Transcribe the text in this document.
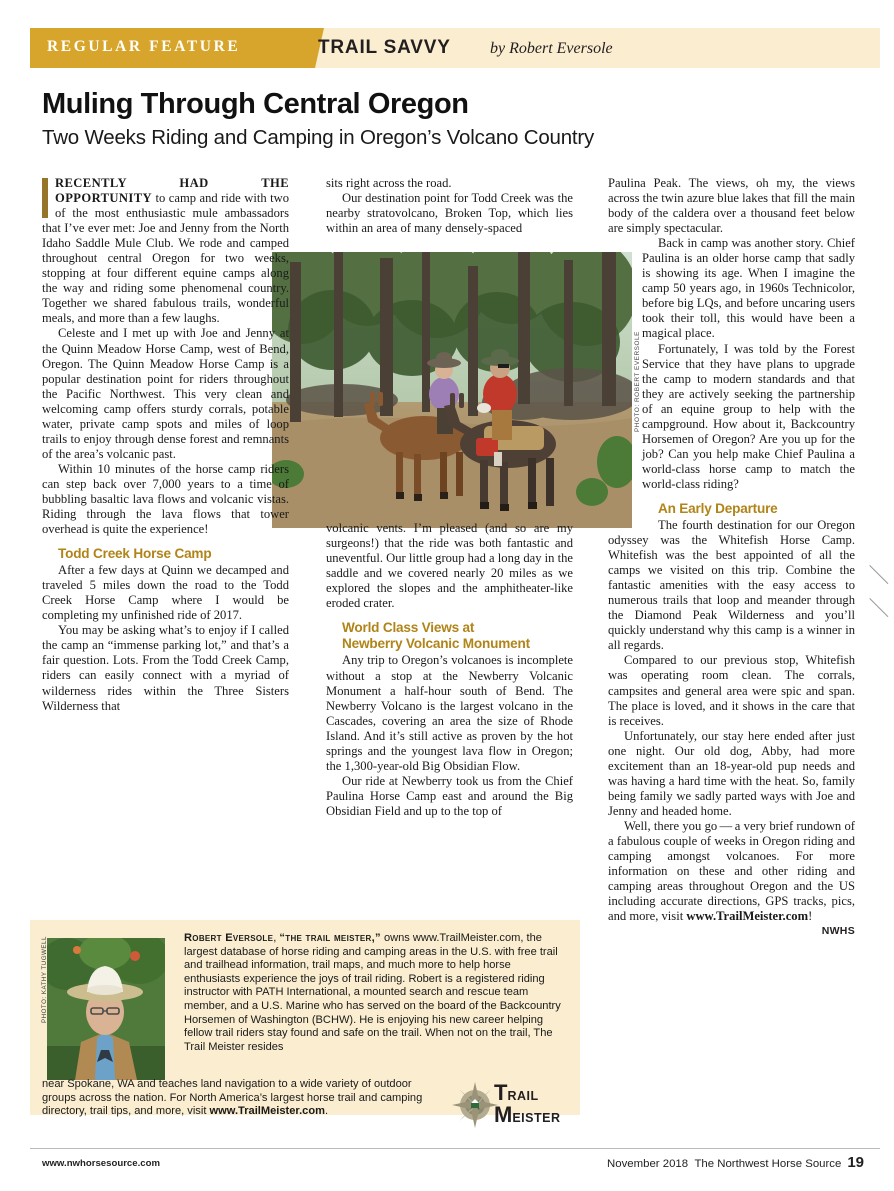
REGULAR FEATURE	TRAIL SAVVY by Robert Eversole
Muling Through Central Oregon
Two Weeks Riding and Camping in Oregon’s Volcano Country
PHOTO: ROBERT EVERSOLE

RECENTLY HAD THE OPPORTUNITY to camp and ride with two of the most enthusiastic mule ambassadors that I’ve ever met: Joe and Jenny from the North Idaho Saddle Mule Club. We rode and camped throughout central Oregon for two weeks, stopping at four different equine camps along the way and riding some phenomenal country. Together we shared fabulous trails, wonderful meals, and more than a few laughs.

Celeste and I met up with Joe and Jenny at the Quinn Meadow Horse Camp, west of Bend, Oregon. The Quinn Meadow Horse Camp is a popular destination point for riders throughout the Pacific Northwest. This very clean and welcoming camp offers sturdy corrals, potable water, private camp spots and miles of loop trails to enjoy through dense forest and remnants of the area’s volcanic past.

Within 10 minutes of the horse camp riders can step back over 7,000 years to a time of bubbling basaltic lava flows and volcanic vistas. Riding through the lava flows that tower overhead is quite the experience!

Todd Creek Horse Camp

After a few days at Quinn we decamped and traveled 5 miles down the road to the Todd Creek Horse Camp where I would be completing my unfinished ride of 2017.

You may be asking what’s to enjoy if I called the camp an “immense parking lot,” and that’s a fair question. Lots. From the Todd Creek Camp, riders can easily connect with a myriad of wilderness rides within the Three Sisters Wilderness that

sits right across the road.

Our destination point for Todd Creek was the nearby stratovolcano, Broken Top, which lies within an area of many densely-spaced

volcanic vents. I’m pleased (and so are my surgeons!) that the ride was both fantastic and uneventful. Our little group had a long day in the saddle and we covered nearly 20 miles as we explored the slopes and the amphitheater-like eroded crater.

World Class Views at

Newberry Volcanic Monument

Any trip to Oregon’s volcanoes is incomplete without a stop at the Newberry Volcanic Monument a half-hour south of Bend. The Newberry Volcano is the largest volcano in the Cascades, covering an area the size of Rhode Island. And it’s still active as proven by the hot springs and the youngest lava flow in Oregon; the 1,300-year-old Big Obsidian Flow.

Our ride at Newberry took us from the Chief Paulina Horse Camp east and around the Big Obsidian Field and up to the top of

Paulina Peak. The views, oh my, the views across the twin azure blue lakes that fill the main body of the caldera over a thousand feet below are simply spectacular.

Back in camp was another story. Chief Paulina is an older horse camp that sadly is showing its age. When I imagine the camp 50 years ago, in 1960s Technicolor, before big LQs, and before uncaring users took their toll, this would have been a magical place.

Fortunately, I was told by the Forest Service that they have plans to upgrade the camp to modern standards and that they are actively seeking the partnership of an equine group to help with the campground. How about it, Backcountry Horsemen of Oregon? Are you up for the job? Can you help make Chief Paulina a world-class horse camp to match the world-class riding?

An Early Departure

The fourth destination for our Oregon odyssey was the Whitefish Horse Camp. Whitefish was the best appointed of all the camps we visited on this trip. Combine the fantastic amenities with the easy access to numerous trails that loop and meander through the Diamond Peak Wilderness and you’ll quickly understand why this camp is a winner in all regards.

Compared to our previous stop, Whitefish was operating room clean. The corrals, campsites and general area were spic and span. The place is loved, and it shows in the care that is receives.

Unfortunately, our stay here ended after just one night. Our old dog, Abby, had more excitement than an 18-year-old pup needs and was having a hard time with the heat. So, family being family we sadly parted ways with Joe and Jenny and headed home.

Well, there you go — a very brief rundown of a fabulous couple of weeks in Oregon riding and camping amongst volcanoes. For more information on these and other riding and camping areas throughout Oregon and the US including accurate directions, GPS tracks, pics, and more, visit www.TrailMeister.com!
NWHS

PHOTO: KATHY TUGWELL	Robert Eversole, “the trail meister,” owns www.TrailMeister.com, the largest database of horse riding and camping areas in the U.S. with free trail and trailhead information, trail maps, and much more to help horse enthusiasts experience the joys of trail riding. Robert is a registered riding instructor with PATH International, a mounted search and rescue team member, and a U.S. Marine who has served on the board of the Backcountry Horsemen of Washington (BCHW). He is enjoying his new career helping fellow trail riders stay found and safe on the trail. When not on the trail, The Trail Meister resides
near Spokane, WA and teaches land navigation to a wide variety of outdoor groups across the nation. For North America’s largest horse trail and camping directory, trail tips, and more, visit www.TrailMeister.com.
TRAIL
MEISTER
www.nwhorsesource.com	November 2018 The Northwest Horse Source 19
